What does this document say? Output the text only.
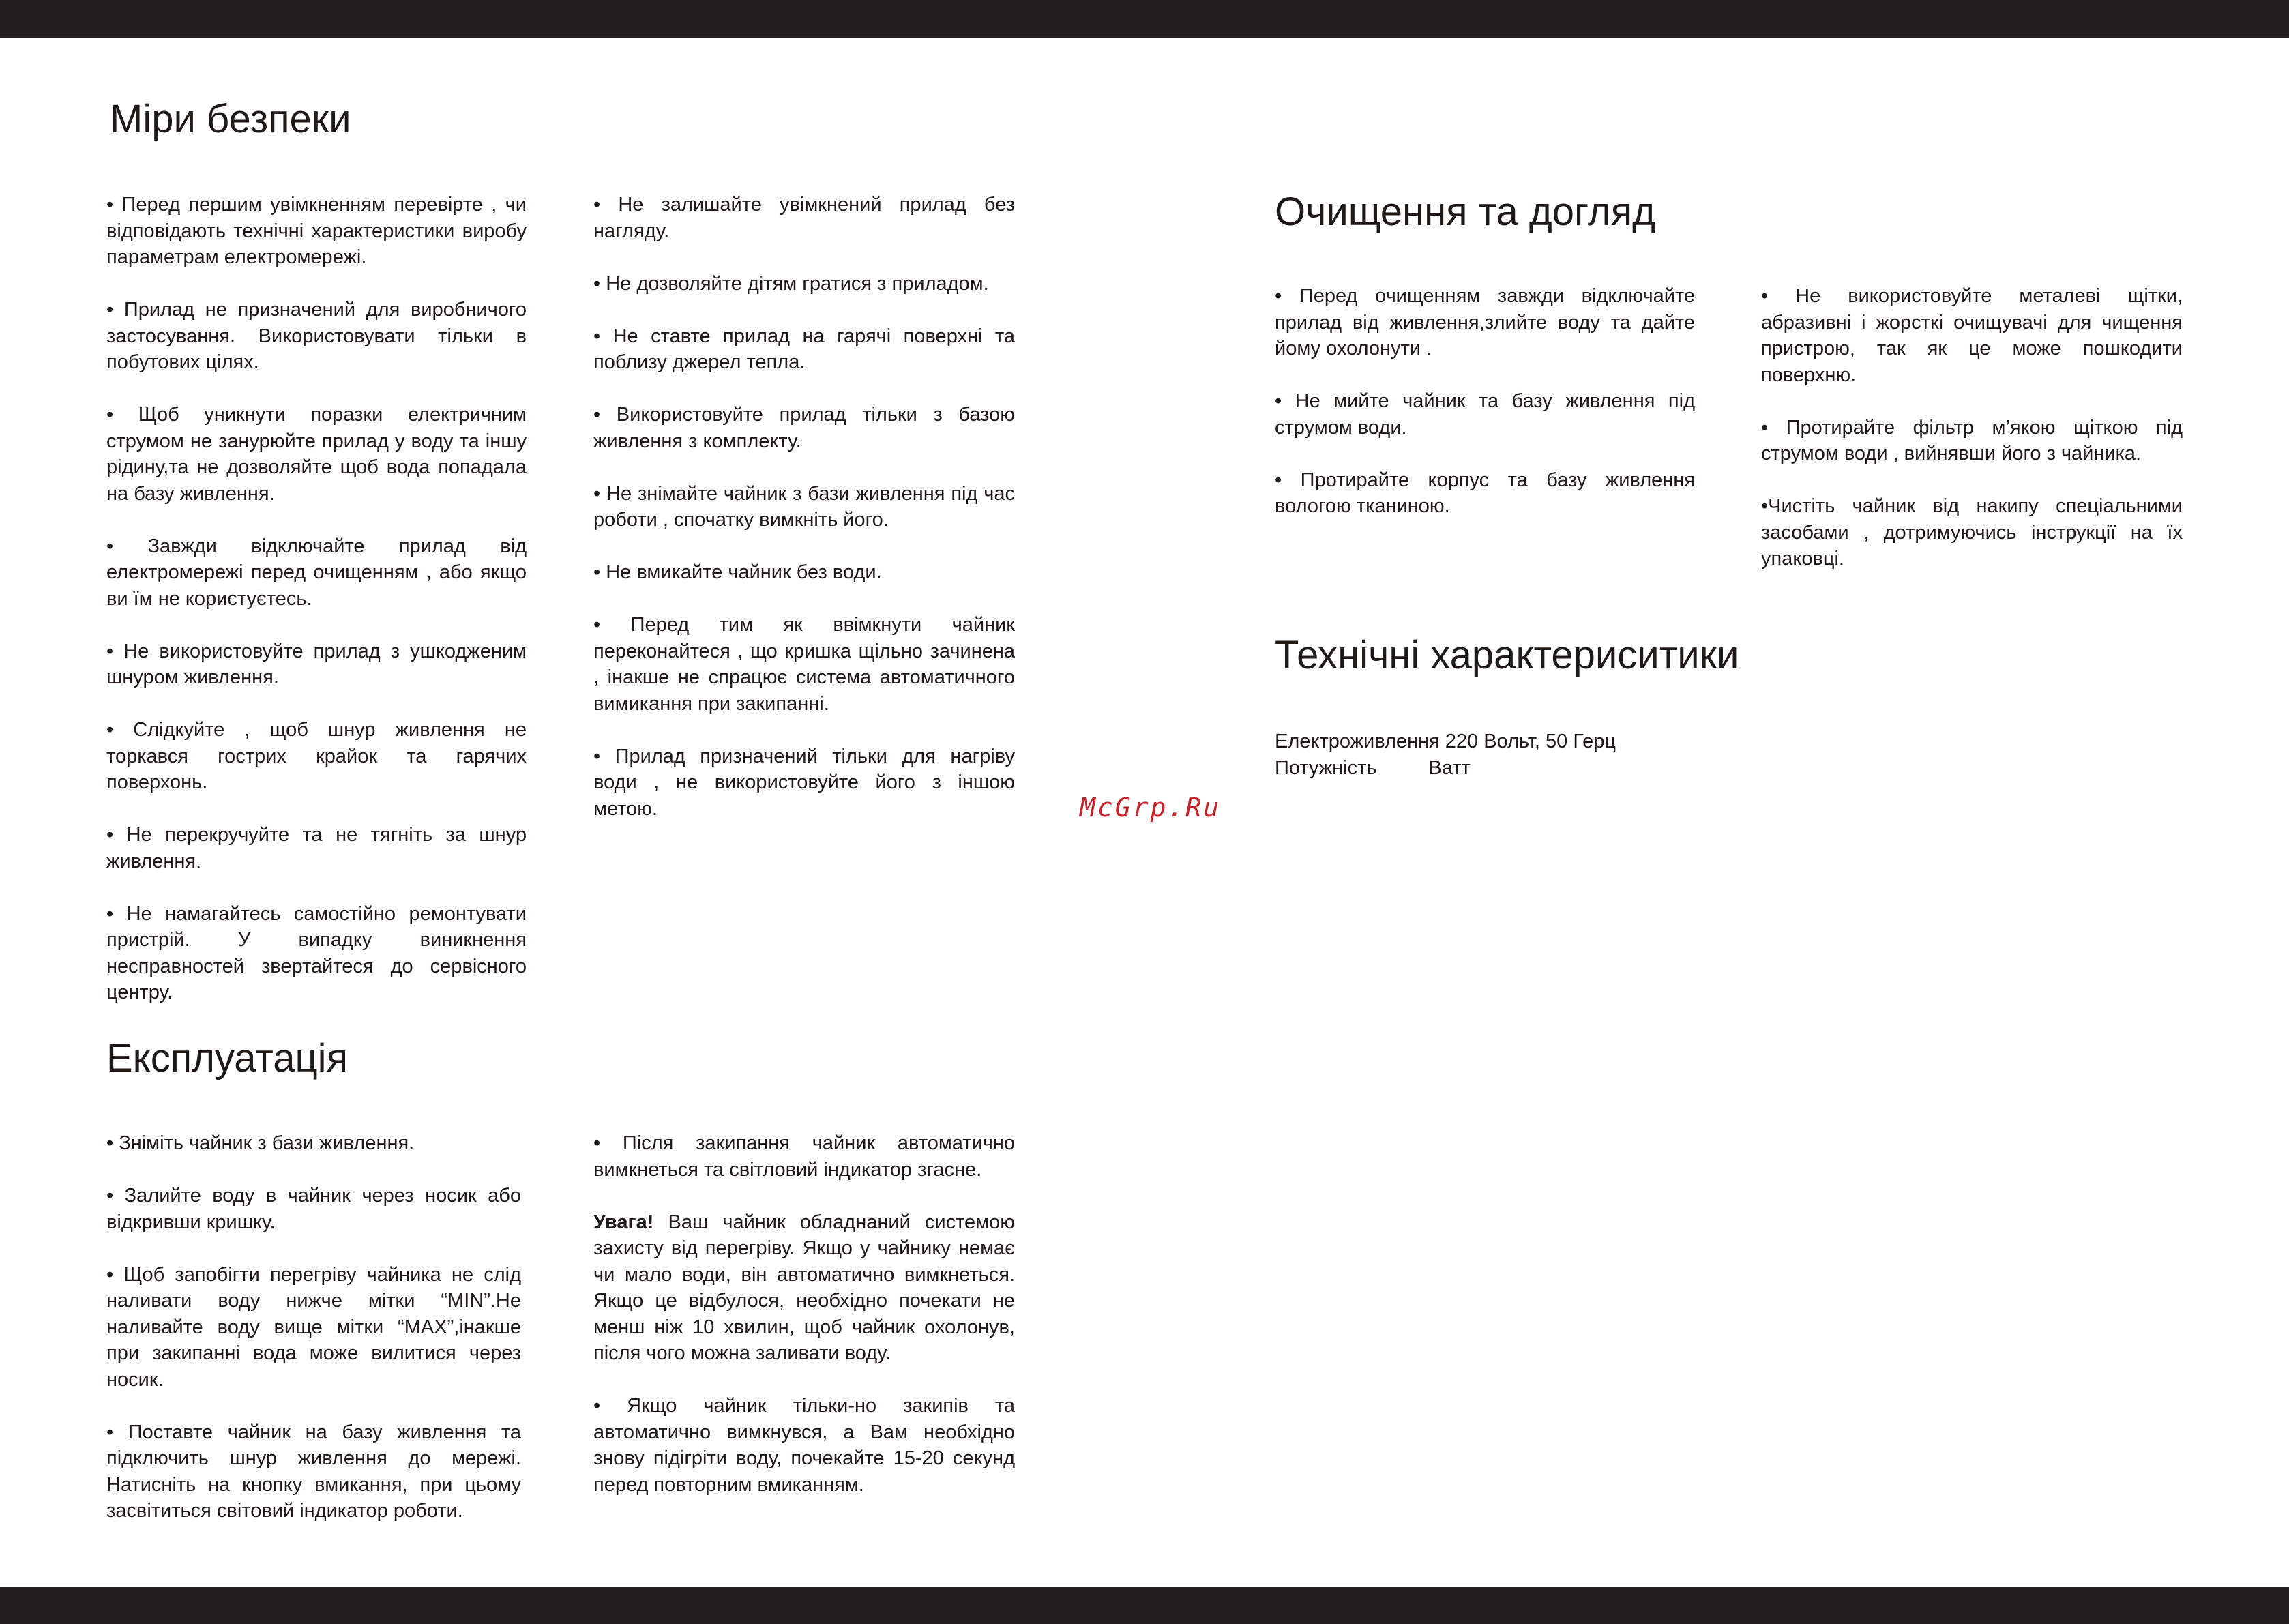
Міри безпеки

• Перед першим увімкненням перевірте , чи відповідають технічні характеристики виробу параметрам електромережі.

• Прилад не призначений для виробничого застосування. Використовувати тільки в побутових цілях.

• Щоб уникнути поразки електричним струмом не занурюйте прилад у воду та іншу рідину,та не дозволяйте щоб вода попадала на базу живлення.

• Завжди відключайте прилад від електромережі перед очищенням , або якщо ви їм не користуєтесь.

• Не використовуйте прилад з ушкодженим шнуром живлення.

• Слідкуйте , щоб шнур живлення не торкався гострих крайок та гарячих поверхонь.

• Не перекручуйте та не тягніть за шнур живлення.

• Не намагайтесь самостійно ремонтувати пристрій. У випадку виникнення несправностей звертайтеся до сервісного центру.

• Не залишайте увімкнений прилад без нагляду.

• Не дозволяйте дітям гратися з приладом.

• Не ставте прилад на гарячі поверхні та поблизу джерел тепла.

• Використовуйте прилад тільки з базою живлення з комплекту.

• Не знімайте чайник з бази живлення під час роботи , спочатку вимкніть його.

• Не вмикайте чайник без води.

• Перед тим як ввімкнути чайник переконайтеся , що кришка щільно зачинена , інакше не спрацює система автоматичного вимикання при закипанні.

• Прилад призначений тільки для нагріву води , не використовуйте його з іншою метою.

Експлуатація

• Зніміть чайник з бази живлення.

• Залийте воду в чайник через носик або відкривши кришку.

• Щоб запобігти перегріву чайника не слід наливати воду нижче мітки “MIN”.Не наливайте воду вище мітки “MAX”,інакше при закипанні вода може вилитися через носик.

• Поставте чайник на базу живлення та підключить шнур живлення до мережі. Натисніть на кнопку вмикання, при цьому засвітиться світовий індикатор роботи.

• Після закипання чайник автоматично вимкнеться та світловий індикатор згасне.

Увага! Ваш чайник обладнаний системою захисту від перегріву. Якщо у чайнику немає чи мало води, він автоматично вимкнеться. Якщо це відбулося, необхідно почекати не менш ніж 10 хвилин, щоб чайник охолонув, після чого можна заливати воду.

• Якщо чайник тільки-но закипів та автоматично вимкнувся, а Вам необхідно знову підігріти воду, почекайте 15-20 секунд перед повторним вмиканням.

Очищення та догляд

• Перед очищенням завжди відключайте прилад від живлення,злийте воду та дайте йому охолонути .

• Не мийте чайник та базу живлення під струмом води.

• Протирайте корпус та базу живлення вологою тканиною.

• Не використовуйте металеві щітки, абразивні і жорсткі очищувачі для чищення пристрою, так як це може пошкодити поверхню.

• Протирайте фільтр м’якою щіткою під струмом води , вийнявши його з чайника.

•Чистіть чайник від накипу спеціальними засобами , дотримуючись інструкції на їх упаковці.

Технічні характериситики
Електроживлення 220 Вольт, 50 Герц
Потужність	Ватт
McGrp.Ru
